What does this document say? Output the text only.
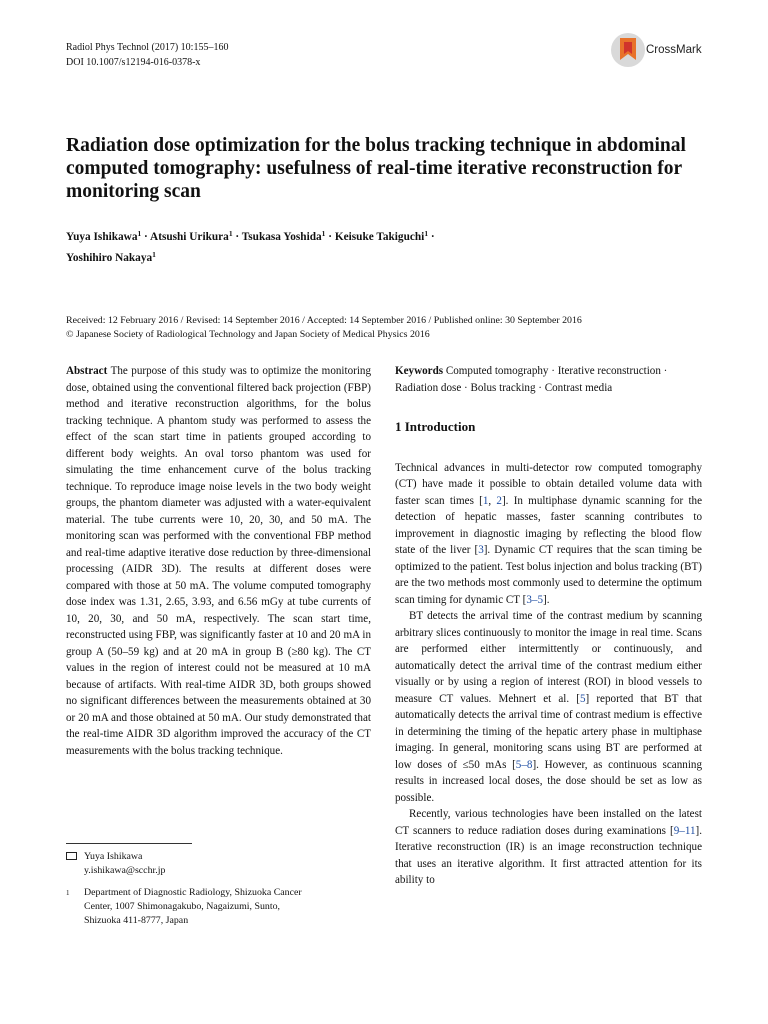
Radiol Phys Technol (2017) 10:155–160
DOI 10.1007/s12194-016-0378-x
CrossMark
Radiation dose optimization for the bolus tracking technique in abdominal computed tomography: usefulness of real-time iterative reconstruction for monitoring scan
Yuya Ishikawa$^1$ · Atsushi Urikura$^1$ · Tsukasa Yoshida$^1$ · Keisuke Takiguchi$^1$ ·
Yoshihiro Nakaya$^1$
Received: 12 February 2016 / Revised: 14 September 2016 / Accepted: 14 September 2016 / Published online: 30 September 2016
© Japanese Society of Radiological Technology and Japan Society of Medical Physics 2016

Abstract The purpose of this study was to optimize the monitoring dose, obtained using the conventional filtered back projection (FBP) method and iterative reconstruction algorithms, for the bolus tracking technique. A phantom study was performed to assess the effect of the scan start time in patients grouped according to different body weights. An oval torso phantom was used for simulating the time enhancement curve of the bolus tracking technique. To reproduce image noise levels in the two body weight groups, the phantom diameter was adjusted with a water-equivalent material. The tube currents were 10, 20, 30, and 50 mA. The monitoring scan was performed with the conventional FBP method and real-time adaptive iterative dose reduction by three-dimensional processing (AIDR 3D). The results at different doses were compared with those at 50 mA. The volume computed tomography dose index was 1.31, 2.65, 3.93, and 6.56 mGy at tube currents of 10, 20, 30, and 50 mA, respectively. The scan start time, reconstructed using FBP, was significantly faster at 10 and 20 mA in group A (50–59 kg) and at 20 mA in group B (≥80 kg). The CT values in the region of interest could not be measured at 10 mA because of artifacts. With real-time AIDR 3D, both groups showed no significant differences between the measurements obtained at 30 or 20 mA and those obtained at 50 mA. Our study demonstrated that the real-time AIDR 3D algorithm improved the accuracy of the CT measurements with the bolus tracking technique.

Yuya Ishikawa
y.ishikawa@scchr.jp
1 Department of Diagnostic Radiology, Shizuoka Cancer
Center, 1007 Shimonagakubo, Nagaizumi, Sunto,
Shizuoka 411-8777, Japan

Keywords Computed tomography · Iterative reconstruction · Radiation dose · Bolus tracking · Contrast media

1 Introduction

Technical advances in multi-detector row computed tomography (CT) have made it possible to obtain detailed volume data with faster scan times [1, 2]. In multiphase dynamic scanning for the detection of hepatic masses, faster scanning contributes to improvement in diagnostic imaging by reflecting the blood flow state of the liver [3]. Dynamic CT requires that the scan timing be optimized to the patient. Test bolus injection and bolus tracking (BT) are the two methods most commonly used to determine the optimum scan timing for dynamic CT [3–5].

BT detects the arrival time of the contrast medium by scanning arbitrary slices continuously to monitor the image in real time. Scans are performed either intermittently or continuously, and automatically detect the arrival time of the contrast medium either visually or by using a region of interest (ROI) in blood vessels to measure CT values. Mehnert et al. [5] reported that BT that automatically detects the arrival time of contrast medium is effective in determining the timing of the hepatic artery phase in multiphase imaging. In general, monitoring scans using BT are performed at low doses of ≤50 mAs [5–8]. However, as continuous scanning results in increased local doses, the dose should be set as low as possible.

Recently, various technologies have been installed on the latest CT scanners to reduce radiation doses during examinations [9–11]. Iterative reconstruction (IR) is an image reconstruction technique that uses an iterative algorithm. It first attracted attention for its ability to
